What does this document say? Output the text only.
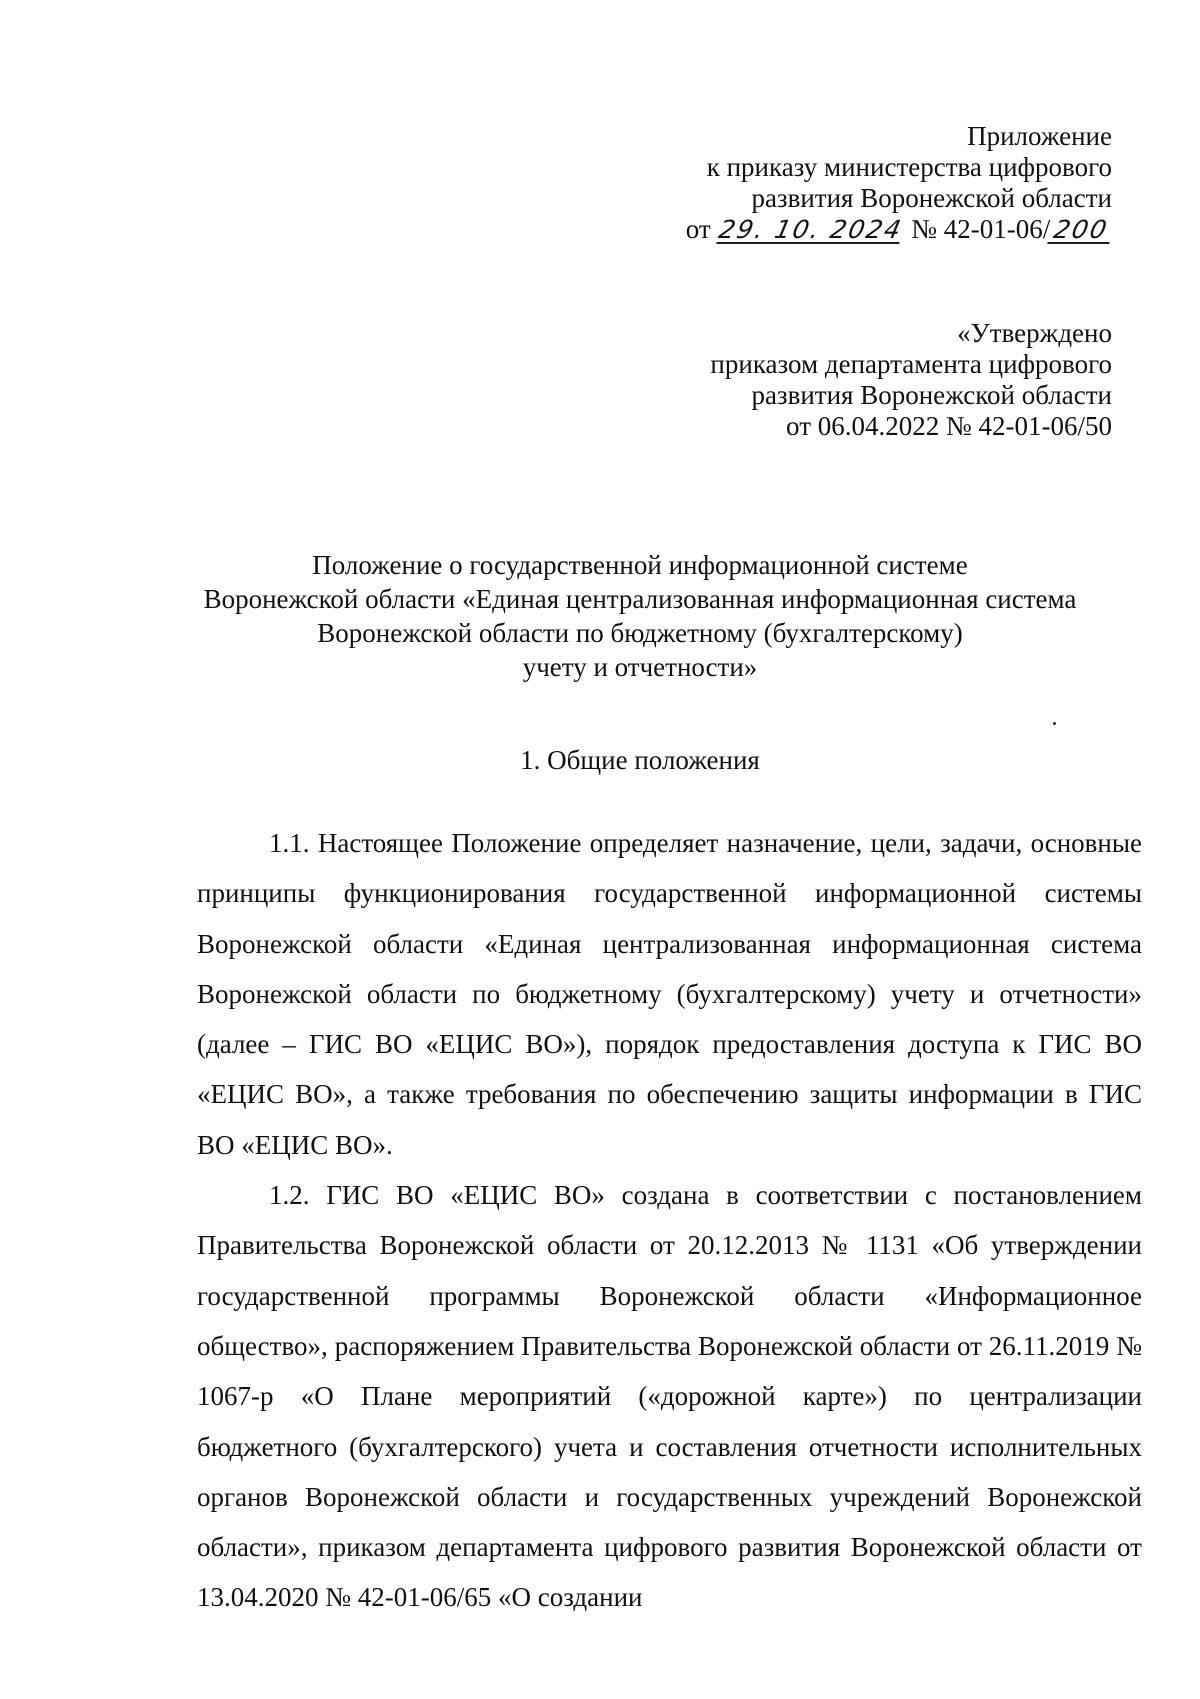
Приложение
к приказу министерства цифрового
развития Воронежской области
от 29. 10. 2024 № 42-01-06/200
«Утверждено
приказом департамента цифрового
развития Воронежской области
от 06.04.2022 № 42-01-06/50
Положение о государственной информационной системе
Воронежской области «Единая централизованная информационная система
Воронежской области по бюджетному (бухгалтерскому)
учету и отчетности»
1. Общие положения

1.1. Настоящее Положение определяет назначение, цели, задачи, основные принципы функционирования государственной информационной системы Воронежской области «Единая централизованная информационная система Воронежской области по бюджетному (бухгалтерскому) учету и отчетности» (далее – ГИС ВО «ЕЦИС ВО»), порядок предоставления доступа к ГИС ВО «ЕЦИС ВО», а также требования по обеспечению защиты информации в ГИС ВО «ЕЦИС ВО».

1.2. ГИС ВО «ЕЦИС ВО» создана в соответствии с постановлением Правительства Воронежской области от 20.12.2013 № 1131 «Об утверждении государственной программы Воронежской области «Информационное общество», распоряжением Правительства Воронежской области от 26.11.2019 № 1067-р «О Плане мероприятий («дорожной карте») по централизации бюджетного (бухгалтерского) учета и составления отчетности исполнительных органов Воронежской области и государственных учреждений Воронежской области», приказом департамента цифрового развития Воронежской области от 13.04.2020 № 42-01-06/65 «О создании
